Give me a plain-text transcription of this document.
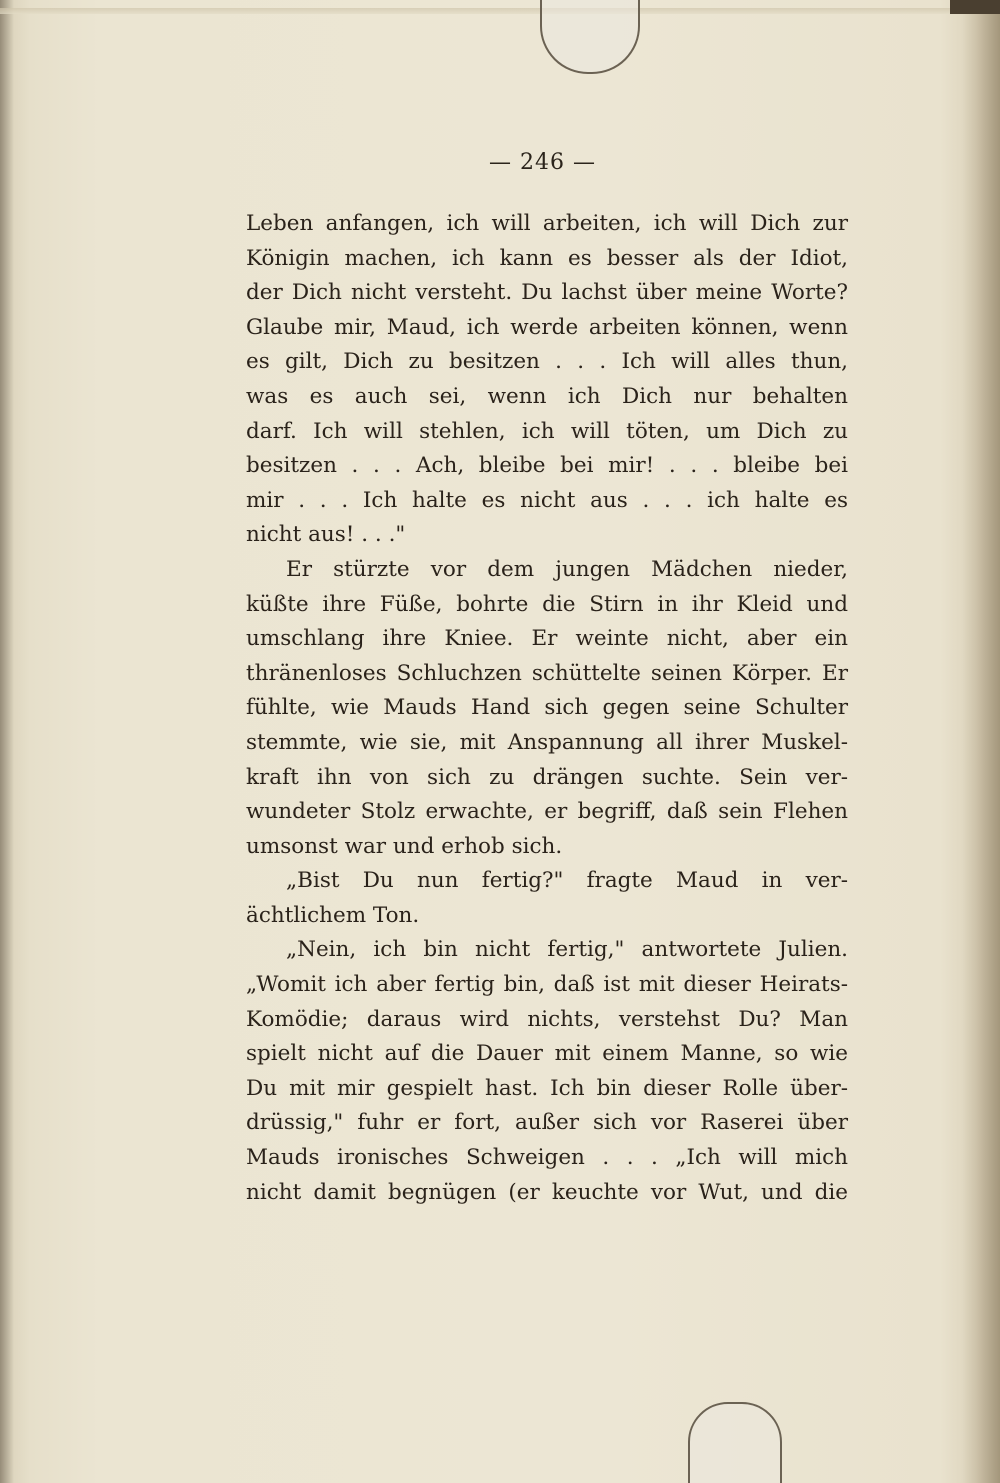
— 246 —

Leben anfangen, ich will arbeiten, ich will Dich zur

Königin machen, ich kann es besser als der Idiot,

der Dich nicht versteht. Du lachst über meine Worte?

Glaube mir, Maud, ich werde arbeiten können, wenn

es gilt, Dich zu besitzen . . . Ich will alles thun,

was es auch sei, wenn ich Dich nur behalten

darf. Ich will stehlen, ich will töten, um Dich zu

besitzen . . . Ach, bleibe bei mir! . . . bleibe bei

mir . . . Ich halte es nicht aus . . . ich halte es

nicht aus! . . ."

Er stürzte vor dem jungen Mädchen nieder,

küßte ihre Füße, bohrte die Stirn in ihr Kleid und

umschlang ihre Kniee. Er weinte nicht, aber ein

thränenloses Schluchzen schüttelte seinen Körper. Er

fühlte, wie Mauds Hand sich gegen seine Schulter

stemmte, wie sie, mit Anspannung all ihrer Muskel-

kraft ihn von sich zu drängen suchte. Sein ver-

wundeter Stolz erwachte, er begriff, daß sein Flehen

umsonst war und erhob sich.

„Bist Du nun fertig?" fragte Maud in ver-

ächtlichem Ton.

„Nein, ich bin nicht fertig," antwortete Julien.

„Womit ich aber fertig bin, daß ist mit dieser Heirats-

Komödie; daraus wird nichts, verstehst Du? Man

spielt nicht auf die Dauer mit einem Manne, so wie

Du mit mir gespielt hast. Ich bin dieser Rolle über-

drüssig," fuhr er fort, außer sich vor Raserei über

Mauds ironisches Schweigen . . . „Ich will mich

nicht damit begnügen (er keuchte vor Wut, und die
